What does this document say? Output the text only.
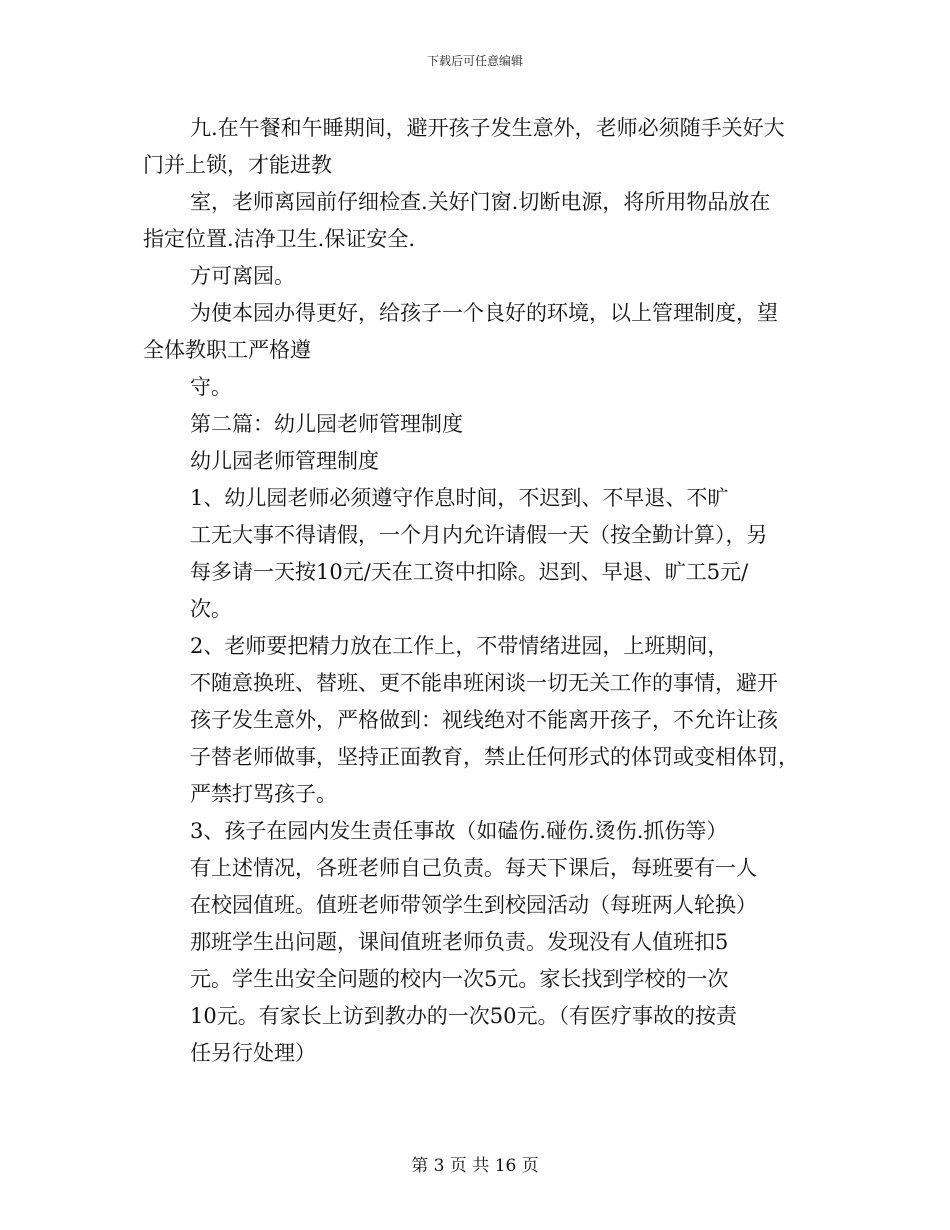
下载后可任意编辑
九.在午餐和午睡期间，避开孩子发生意外，老师必须随手关好大
门并上锁，才能进教
室，老师离园前仔细检查.关好门窗.切断电源，将所用物品放在
指定位置.洁净卫生.保证安全.
方可离园。
为使本园办得更好，给孩子一个良好的环境，以上管理制度，望
全体教职工严格遵
守。
第二篇：幼儿园老师管理制度
幼儿园老师管理制度
1、幼儿园老师必须遵守作息时间，不迟到、不早退、不旷
工无大事不得请假，一个月内允许请假一天（按全勤计算），另
每多请一天按10元/天在工资中扣除。迟到、早退、旷工5元/
次。
2、老师要把精力放在工作上，不带情绪进园，上班期间，
不随意换班、替班、更不能串班闲谈一切无关工作的事情，避开
孩子发生意外，严格做到：视线绝对不能离开孩子，不允许让孩
子替老师做事，坚持正面教育，禁止任何形式的体罚或变相体罚，
严禁打骂孩子。
3、孩子在园内发生责任事故（如磕伤.碰伤.烫伤.抓伤等）
有上述情况，各班老师自己负责。每天下课后，每班要有一人
在校园值班。值班老师带领学生到校园活动（每班两人轮换）
那班学生出问题，课间值班老师负责。发现没有人值班扣5
元。学生出安全问题的校内一次5元。家长找到学校的一次
10元。有家长上访到教办的一次50元。（有医疗事故的按责
任另行处理）
第 3 页 共 16 页
